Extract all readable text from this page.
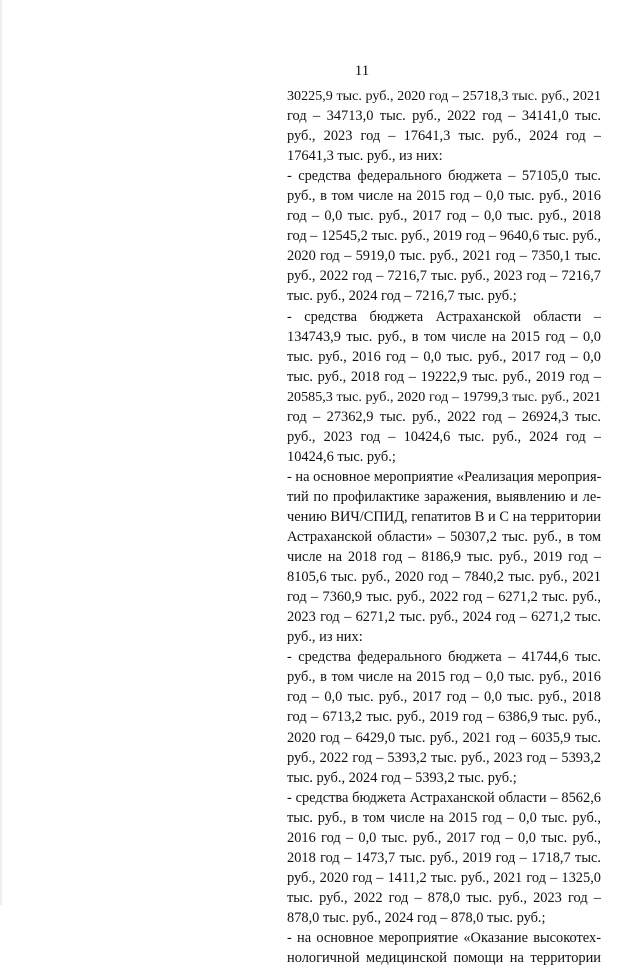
11
30225,9 тыс. руб., 2020 год – 25718,3 тыс. руб., 2021
год – 34713,0 тыс. руб., 2022 год – 34141,0 тыс.
руб., 2023 год – 17641,3 тыс. руб., 2024 год –
17641,3 тыс. руб., из них:
- средства федерального бюджета – 57105,0 тыс.
руб., в том числе на 2015 год – 0,0 тыс. руб., 2016
год – 0,0 тыс. руб., 2017 год – 0,0 тыс. руб., 2018
год – 12545,2 тыс. руб., 2019 год – 9640,6 тыс. руб.,
2020 год – 5919,0 тыс. руб., 2021 год – 7350,1 тыс.
руб., 2022 год – 7216,7 тыс. руб., 2023 год – 7216,7
тыс. руб., 2024 год – 7216,7 тыс. руб.;
- средства бюджета Астраханской области –
134743,9 тыс. руб., в том числе на 2015 год – 0,0
тыс. руб., 2016 год – 0,0 тыс. руб., 2017 год – 0,0
тыс. руб., 2018 год – 19222,9 тыс. руб., 2019 год –
20585,3 тыс. руб., 2020 год – 19799,3 тыс. руб., 2021
год – 27362,9 тыс. руб., 2022 год – 26924,3 тыс.
руб., 2023 год – 10424,6 тыс. руб., 2024 год –
10424,6 тыс. руб.;
- на основное мероприятие «Реализация мероприя-
тий по профилактике заражения, выявлению и ле-
чению ВИЧ/СПИД, гепатитов В и С на территории
Астраханской области» – 50307,2 тыс. руб., в том
числе на 2018 год – 8186,9 тыс. руб., 2019 год –
8105,6 тыс. руб., 2020 год – 7840,2 тыс. руб., 2021
год – 7360,9 тыс. руб., 2022 год – 6271,2 тыс. руб.,
2023 год – 6271,2 тыс. руб., 2024 год – 6271,2 тыс.
руб., из них:
- средства федерального бюджета – 41744,6 тыс.
руб., в том числе на 2015 год – 0,0 тыс. руб., 2016
год – 0,0 тыс. руб., 2017 год – 0,0 тыс. руб., 2018
год – 6713,2 тыс. руб., 2019 год – 6386,9 тыс. руб.,
2020 год – 6429,0 тыс. руб., 2021 год – 6035,9 тыс.
руб., 2022 год – 5393,2 тыс. руб., 2023 год – 5393,2
тыс. руб., 2024 год – 5393,2 тыс. руб.;
- средства бюджета Астраханской области – 8562,6
тыс. руб., в том числе на 2015 год – 0,0 тыс. руб.,
2016 год – 0,0 тыс. руб., 2017 год – 0,0 тыс. руб.,
2018 год – 1473,7 тыс. руб., 2019 год – 1718,7 тыс.
руб., 2020 год – 1411,2 тыс. руб., 2021 год – 1325,0
тыс. руб., 2022 год – 878,0 тыс. руб., 2023 год –
878,0 тыс. руб., 2024 год – 878,0 тыс. руб.;
- на основное мероприятие «Оказание высокотех-
нологичной медицинской помощи на территории
